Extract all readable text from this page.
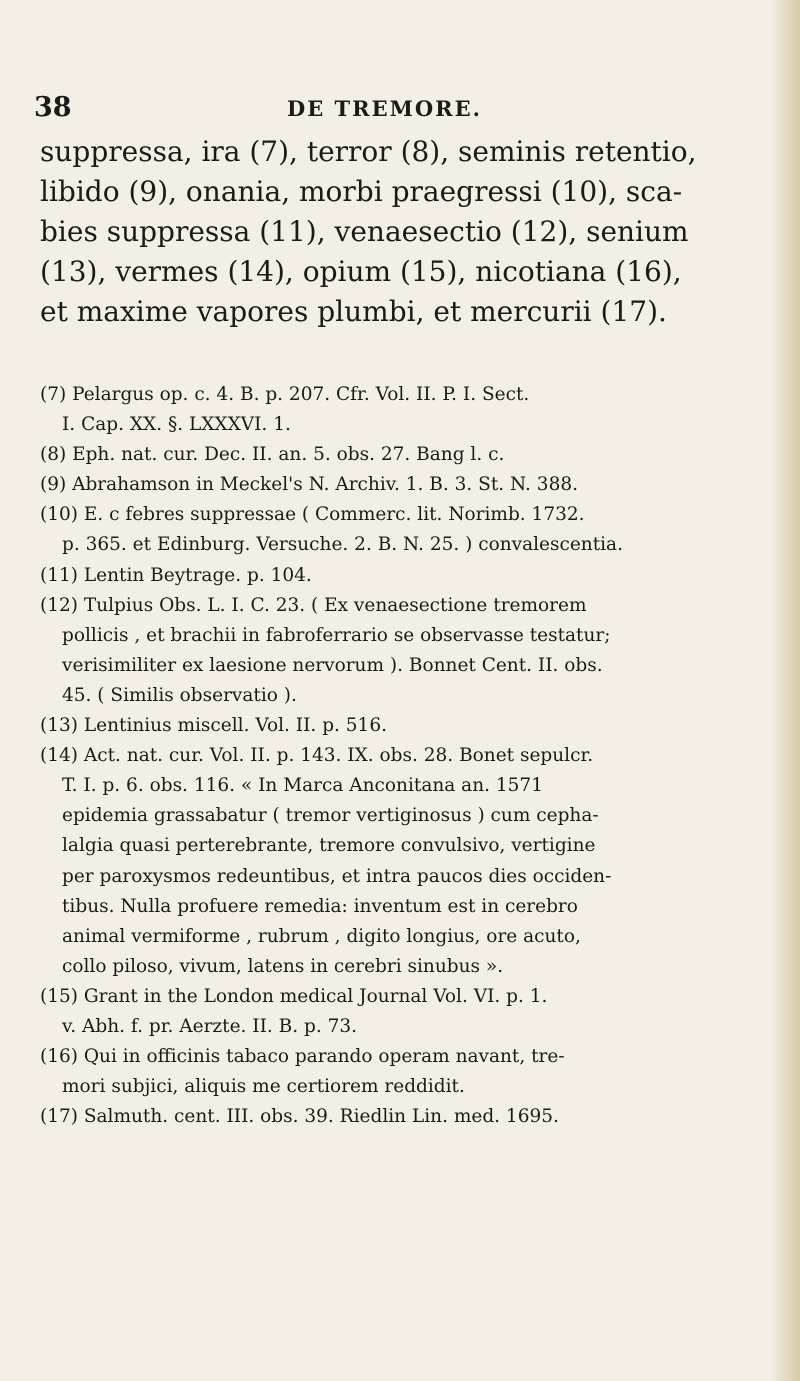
38	DE TREMORE.

suppressa, ira (7), terror (8), seminis retentio,
libido (9), onania, morbi praegressi (10), sca-
bies suppressa (11), venaesectio (12), senium
(13), vermes (14), opium (15), nicotiana (16),
et maxime vapores plumbi, et mercurii (17).

(7) Pelargus op. c. 4. B. p. 207. Cfr. Vol. II. P. I. Sect.
I. Cap. XX. §. LXXXVI. 1.
(8) Eph. nat. cur. Dec. II. an. 5. obs. 27. Bang l. c.
(9) Abrahamson in Meckel's N. Archiv. 1. B. 3. St. N. 388.
(10) E. c febres suppressae ( Commerc. lit. Norimb. 1732.
p. 365. et Edinburg. Versuche. 2. B. N. 25. ) convalescentia.
(11) Lentin Beytrage. p. 104.
(12) Tulpius Obs. L. I. C. 23. ( Ex venaesectione tremorem
pollicis , et brachii in fabroferrario se observasse testatur;
verisimiliter ex laesione nervorum ). Bonnet Cent. II. obs.
45. ( Similis observatio ).
(13) Lentinius miscell. Vol. II. p. 516.
(14) Act. nat. cur. Vol. II. p. 143. IX. obs. 28. Bonet sepulcr.
T. I. p. 6. obs. 116. « In Marca Anconitana an. 1571
epidemia grassabatur ( tremor vertiginosus ) cum cepha-
lalgia quasi perterebrante, tremore convulsivo, vertigine
per paroxysmos redeuntibus, et intra paucos dies occiden-
tibus. Nulla profuere remedia: inventum est in cerebro
animal vermiforme , rubrum , digito longius, ore acuto,
collo piloso, vivum, latens in cerebri sinubus ».
(15) Grant in the London medical Journal Vol. VI. p. 1.
v. Abh. f. pr. Aerzte. II. B. p. 73.
(16) Qui in officinis tabaco parando operam navant, tre-
mori subjici, aliquis me certiorem reddidit.
(17) Salmuth. cent. III. obs. 39. Riedlin Lin. med. 1695.
